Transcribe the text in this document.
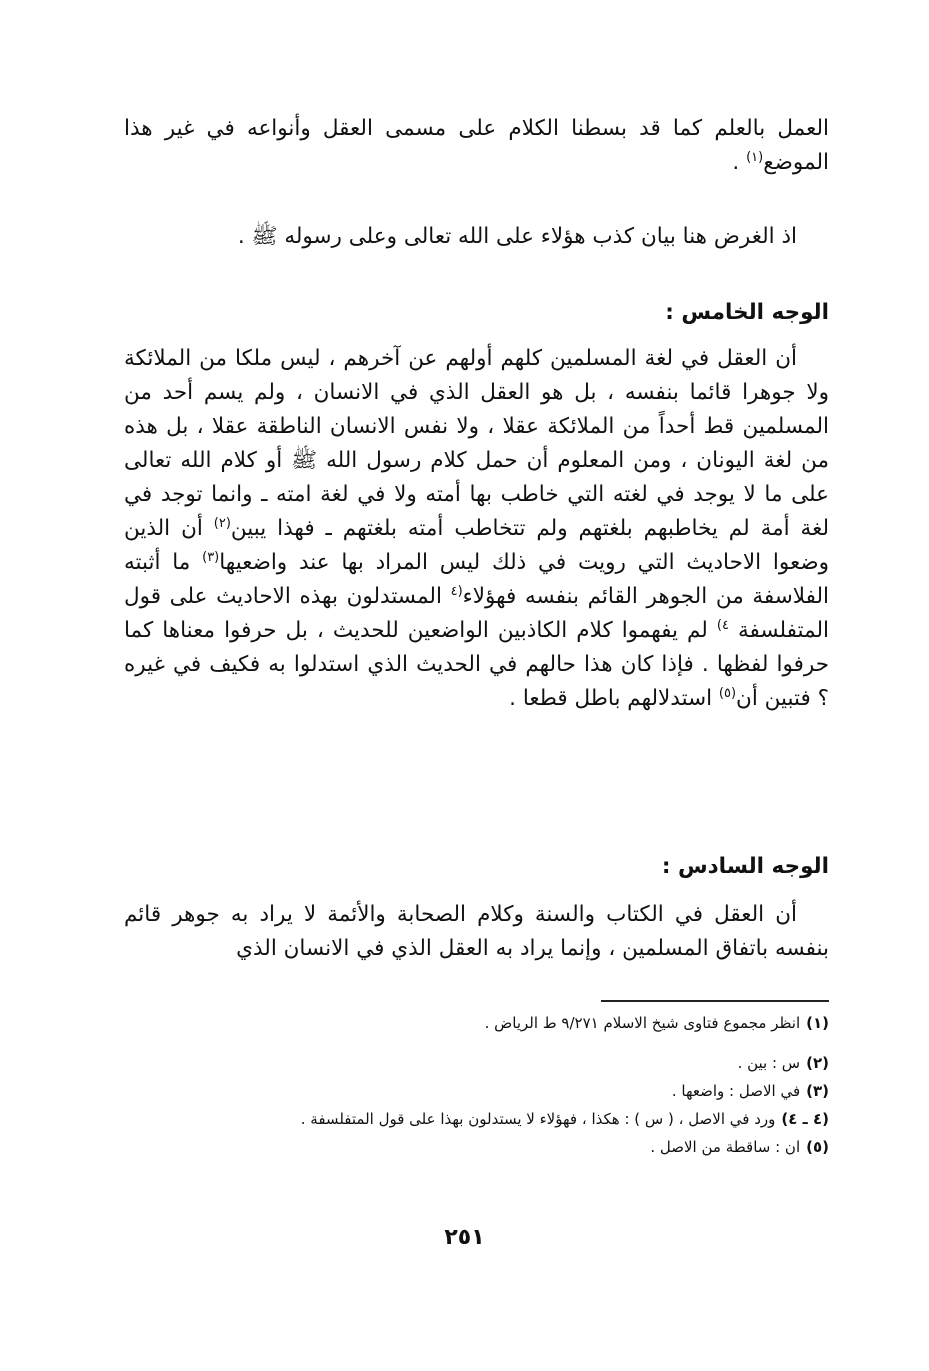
العمل بالعلم كما قد بسطنا الكلام على مسمى العقل وأنواعه في غير هذا الموضع$^{(١)}$ .

اذ الغرض هنا بيان كذب هؤلاء على الله تعالى وعلى رسوله ﷺ .

الوجه الخامس :

أن العقل في لغة المسلمين كلهم أولهم عن آخرهم ، ليس ملكا من الملائكة ولا جوهرا قائما بنفسه ، بل هو العقل الذي في الانسان ، ولم يسم أحد من المسلمين قط أحداً من الملائكة عقلا ، ولا نفس الانسان الناطقة عقلا ، بل هذه من لغة اليونان ، ومن المعلوم أن حمل كلام رسول الله ﷺ أو كلام الله تعالى على ما لا يوجد في لغته التي خاطب بها أمته ولا في لغة امته ـ وانما توجد في لغة أمة لم يخاطبهم بلغتهم ولم تتخاطب أمته بلغتهم ـ فهذا يبين$^{(٢)}$ أن الذين وضعوا الاحاديث التي رويت في ذلك ليس المراد بها عند واضعيها$^{(٣)}$ ما أثبته الفلاسفة من الجوهر القائم بنفسه فهؤلاء$^{(٤}$ المستدلون بهذه الاحاديث على قول المتفلسفة $^{٤)}$ لم يفهموا كلام الكاذبين الواضعين للحديث ، بل حرفوا معناها كما حرفوا لفظها . فإذا كان هذا حالهم في الحديث الذي استدلوا به فكيف في غيره ؟ فتبين أن$^{(٥)}$ استدلالهم باطل قطعا .

الوجه السادس :

أن العقل في الكتاب والسنة وكلام الصحابة والأئمة لا يراد به جوهر قائم بنفسه باتفاق المسلمين ، وإنما يراد به العقل الذي في الانسان الذي

(١)انظر مجموع فتاوى شيخ الاسلام ٩/٢٧١ ط الرياض .
(٢)س : بين .
(٣)في الاصل : واضعها .
(٤ ـ ٤)ورد في الاصل ، ( س ) : هكذا ، فهؤلاء لا يستدلون بهذا على قول المتفلسفة .
(٥)ان : ساقطة من الاصل .
٢٥١
